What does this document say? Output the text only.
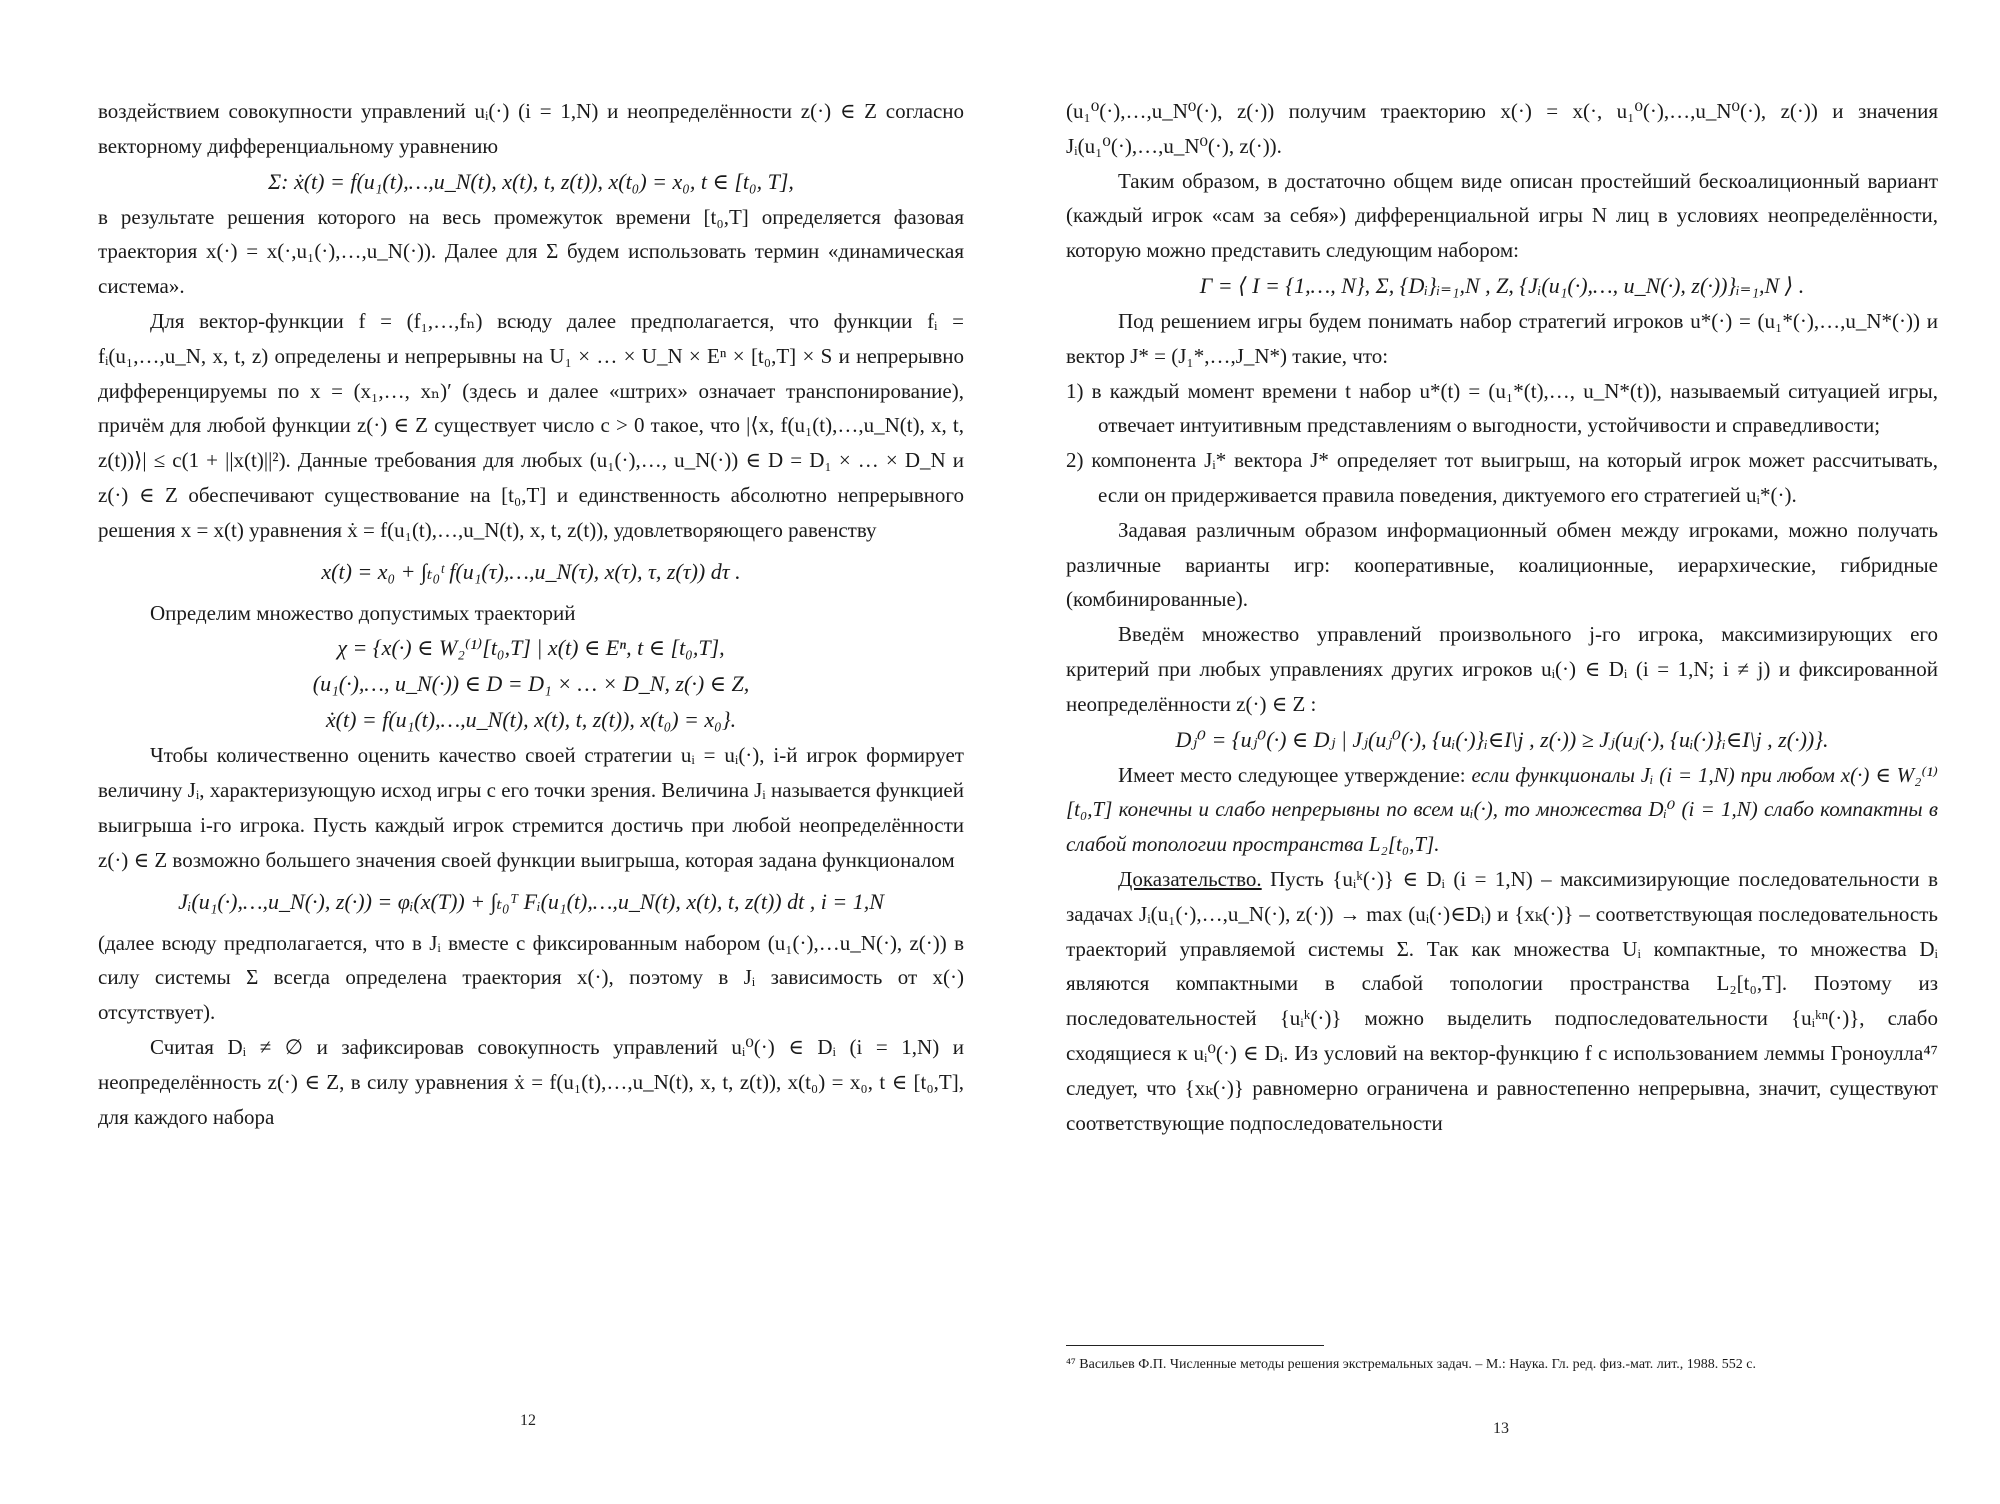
воздействием совокупности управлений uᵢ(·) (i = 1,N) и неопределённости z(·) ∈ Z согласно векторному дифференциальному уравнению

Σ: ẋ(t) = f(u₁(t),…,u_N(t), x(t), t, z(t)), x(t₀) = x₀, t ∈ [t₀, T],

в результате решения которого на весь промежуток времени [t₀,T] определяется фазовая траектория x(·) = x(·,u₁(·),…,u_N(·)). Далее для Σ будем использовать термин «динамическая система».

Для вектор-функции f = (f₁,…,fₙ) всюду далее предполагается, что функции fᵢ = fᵢ(u₁,…,u_N, x, t, z) определены и непрерывны на U₁ × … × U_N × Eⁿ × [t₀,T] × S и непрерывно дифференцируемы по x = (x₁,…, xₙ)′ (здесь и далее «штрих» означает транспонирование), причём для любой функции z(·) ∈ Z существует число c > 0 такое, что |⟨x, f(u₁(t),…,u_N(t), x, t, z(t))⟩| ≤ c(1 + ||x(t)||²). Данные требования для любых (u₁(·),…, u_N(·)) ∈ D = D₁ × … × D_N и z(·) ∈ Z обеспечивают существование на [t₀,T] и единственность абсолютно непрерывного решения x = x(t) уравнения ẋ = f(u₁(t),…,u_N(t), x, t, z(t)), удовлетворяющего равенству

x(t) = x₀ + ∫ₜ₀ᵗ f(u₁(τ),…,u_N(τ), x(τ), τ, z(τ)) dτ .

Определим множество допустимых траекторий

χ = {x(·) ∈ W₂⁽¹⁾[t₀,T] | x(t) ∈ Eⁿ, t ∈ [t₀,T],

(u₁(·),…, u_N(·)) ∈ D = D₁ × … × D_N, z(·) ∈ Z,

ẋ(t) = f(u₁(t),…,u_N(t), x(t), t, z(t)), x(t₀) = x₀}.

Чтобы количественно оценить качество своей стратегии uᵢ = uᵢ(·), i-й игрок формирует величину Jᵢ, характеризующую исход игры с его точки зрения. Величина Jᵢ называется функцией выигрыша i-го игрока. Пусть каждый игрок стремится достичь при любой неопределённости z(·) ∈ Z возможно большего значения своей функции выигрыша, которая задана функционалом

Jᵢ(u₁(·),…,u_N(·), z(·)) = φᵢ(x(T)) + ∫ₜ₀ᵀ Fᵢ(u₁(t),…,u_N(t), x(t), t, z(t)) dt , i = 1,N

(далее всюду предполагается, что в Jᵢ вместе с фиксированным набором (u₁(·),…u_N(·), z(·)) в силу системы Σ всегда определена траектория x(·), поэтому в Jᵢ зависимость от x(·) отсутствует).

Считая Dᵢ ≠ ∅ и зафиксировав совокупность управлений uᵢ⁰(·) ∈ Dᵢ (i = 1,N) и неопределённость z(·) ∈ Z, в силу уравнения ẋ = f(u₁(t),…,u_N(t), x, t, z(t)), x(t₀) = x₀, t ∈ [t₀,T], для каждого набора

12

(u₁⁰(·),…,u_N⁰(·), z(·)) получим траекторию x(·) = x(·, u₁⁰(·),…,u_N⁰(·), z(·)) и значения Jᵢ(u₁⁰(·),…,u_N⁰(·), z(·)).

Таким образом, в достаточно общем виде описан простейший бескоалиционный вариант (каждый игрок «сам за себя») дифференциальной игры N лиц в условиях неопределённости, которую можно представить следующим набором:

Γ = ⟨ I = {1,…, N}, Σ, {Dᵢ}ᵢ₌₁,N , Z, {Jᵢ(u₁(·),…, u_N(·), z(·))}ᵢ₌₁,N ⟩ .

Под решением игры будем понимать набор стратегий игроков u*(·) = (u₁*(·),…,u_N*(·)) и вектор J* = (J₁*,…,J_N*) такие, что:

1) в каждый момент времени t набор u*(t) = (u₁*(t),…, u_N*(t)), называемый ситуацией игры, отвечает интуитивным представлениям о выгодности, устойчивости и справедливости;

2) компонента Jᵢ* вектора J* определяет тот выигрыш, на который игрок может рассчитывать, если он придерживается правила поведения, диктуемого его стратегией uᵢ*(·).

Задавая различным образом информационный обмен между игроками, можно получать различные варианты игр: кооперативные, коалиционные, иерархические, гибридные (комбинированные).

Введём множество управлений произвольного j-го игрока, максимизирующих его критерий при любых управлениях других игроков uᵢ(·) ∈ Dᵢ (i = 1,N; i ≠ j) и фиксированной неопределённости z(·) ∈ Z :

Dⱼ⁰ = {uⱼ⁰(·) ∈ Dⱼ | Jⱼ(uⱼ⁰(·), {uᵢ(·)}ᵢ∈I\j , z(·)) ≥ Jⱼ(uⱼ(·), {uᵢ(·)}ᵢ∈I\j , z(·))}.

Имеет место следующее утверждение: если функционалы Jᵢ (i = 1,N) при любом x(·) ∈ W₂⁽¹⁾[t₀,T] конечны и слабо непрерывны по всем uᵢ(·), то множества Dᵢ⁰ (i = 1,N) слабо компактны в слабой топологии пространства L₂[t₀,T].

Доказательство. Пусть {uᵢᵏ(·)} ∈ Dᵢ (i = 1,N) – максимизирующие последовательности в задачах Jᵢ(u₁(·),…,u_N(·), z(·)) → max (uᵢ(·)∈Dᵢ) и {xₖ(·)} – соответствующая последовательность траекторий управляемой системы Σ. Так как множества Uᵢ компактные, то множества Dᵢ являются компактными в слабой топологии пространства L₂[t₀,T]. Поэтому из последовательностей {uᵢᵏ(·)} можно выделить подпоследовательности {uᵢᵏⁿ(·)}, слабо сходящиеся к uᵢ⁰(·) ∈ Dᵢ. Из условий на вектор-функцию f с использованием леммы Гроноулла⁴⁷ следует, что {xₖ(·)} равномерно ограничена и равностепенно непрерывна, значит, существуют соответствующие подпоследовательности

⁴⁷ Васильев Ф.П. Численные методы решения экстремальных задач. – М.: Наука. Гл. ред. физ.-мат. лит., 1988. 552 с.

13
